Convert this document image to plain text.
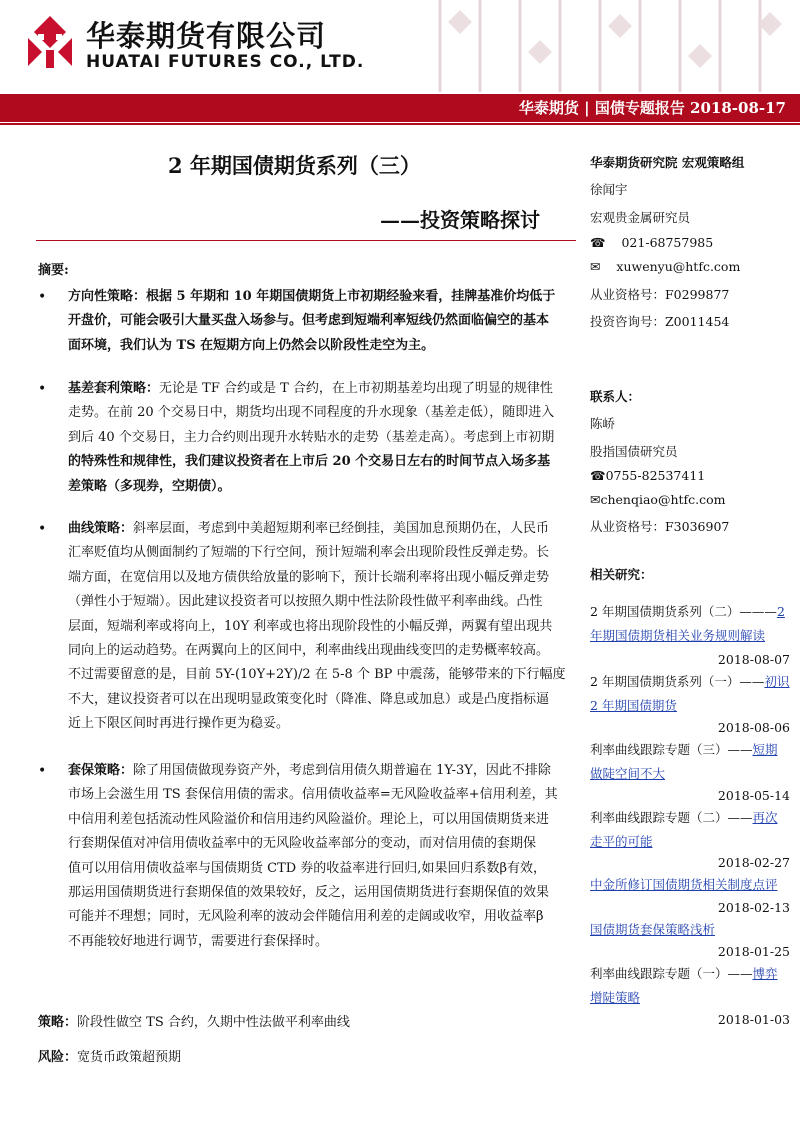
华泰期货有限公司
HUATAI FUTURES CO., LTD.
华泰期货 | 国债专题报告 2018-08-17
2 年期国债期货系列（三）
——投资策略探讨
摘要:
• 方向性策略：根据 5 年期和 10 年期国债期货上市初期经验来看，挂牌基准价均低于
开盘价，可能会吸引大量买盘入场参与。但考虑到短端利率短线仍然面临偏空的基本
面环境，我们认为 TS 在短期方向上仍然会以阶段性走空为主。
• 基差套利策略：无论是 TF 合约或是 T 合约，在上市初期基差均出现了明显的规律性
走势。在前 20 个交易日中，期货均出现不同程度的升水现象（基差走低），随即进入
到后 40 个交易日，主力合约则出现升水转贴水的走势（基差走高）。考虑到上市初期
的特殊性和规律性，我们建议投资者在上市后 20 个交易日左右的时间节点入场多基
差策略（多现券，空期债）。
• 曲线策略：斜率层面，考虑到中美超短期利率已经倒挂，美国加息预期仍在，人民币
汇率贬值均从侧面制约了短端的下行空间，预计短端利率会出现阶段性反弹走势。长
端方面，在宽信用以及地方债供给放量的影响下，预计长端利率将出现小幅反弹走势
（弹性小于短端）。因此建议投资者可以按照久期中性法阶段性做平利率曲线。凸性
层面，短端利率或将向上，10Y 利率或也将出现阶段性的小幅反弹，两翼有望出现共
同向上的运动趋势。在两翼向上的区间中，利率曲线出现曲线变凹的走势概率较高。
不过需要留意的是，目前 5Y-(10Y+2Y)/2 在 5-8 个 BP 中震荡，能够带来的下行幅度
不大，建议投资者可以在出现明显政策变化时（降准、降息或加息）或是凸度指标逼
近上下限区间时再进行操作更为稳妥。
• 套保策略：除了用国债做现券资产外，考虑到信用债久期普遍在 1Y-3Y，因此不排除
市场上会滋生用 TS 套保信用债的需求。信用债收益率=无风险收益率+信用利差，其
中信用利差包括流动性风险溢价和信用违约风险溢价。理论上，可以用国债期货来进
行套期保值对冲信用债收益率中的无风险收益率部分的变动，而对信用债的套期保
值可以用信用债收益率与国债期货 CTD 券的收益率进行回归,如果回归系数β有效，
那运用国债期货进行套期保值的效果较好，反之，运用国债期货进行套期保值的效果
可能并不理想；同时，无风险利率的波动会伴随信用利差的走阔或收窄，用收益率β
不再能较好地进行调节，需要进行套保择时。
策略：阶段性做空 TS 合约，久期中性法做平利率曲线
风险：宽货币政策超预期
华泰期货研究院 宏观策略组
徐闻宇
宏观贵金属研究员
☎ 021-68757985
✉ xuwenyu@htfc.com
从业资格号：F0299877
投资咨询号：Z0011454
联系人：
陈峤
股指国债研究员
☎0755-82537411
✉chenqiao@htfc.com
从业资格号：F3036907
相关研究：
2 年期国债期货系列（二）———2 年期国债期货相关业务规则解读
2018-08-07
2 年期国债期货系列（一）——初识 2 年期国债期货
2018-08-06
利率曲线跟踪专题（三）——短期做陡空间不大
2018-05-14
利率曲线跟踪专题（二）——再次走平的可能
2018-02-27
中金所修订国债期货相关制度点评
2018-02-13
国债期货套保策略浅析
2018-01-25
利率曲线跟踪专题（一）——博弈增陡策略
2018-01-03
